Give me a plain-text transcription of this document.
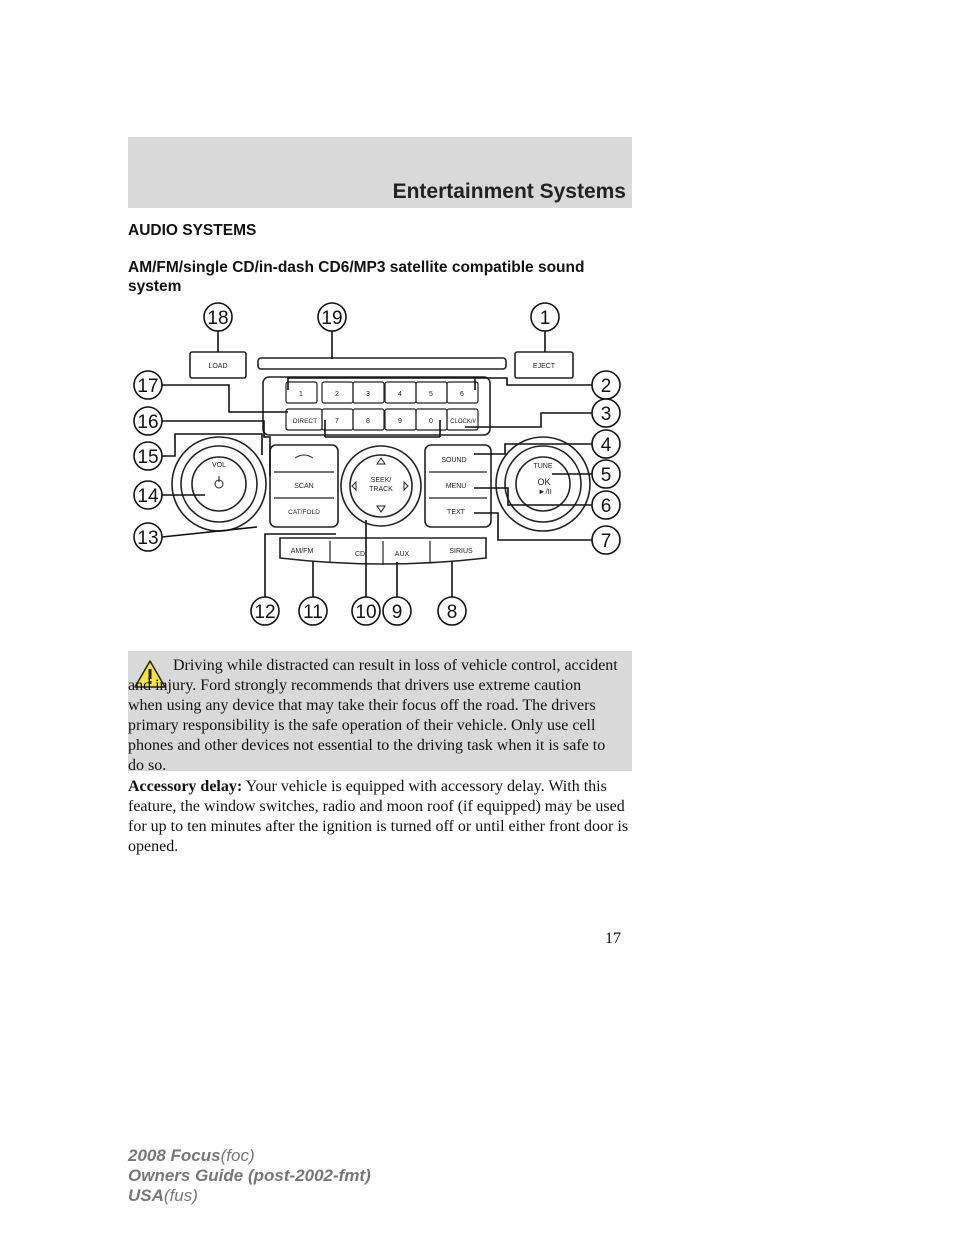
Entertainment Systems
AUDIO SYSTEMS
AM/FM/single CD/in-dash CD6/MP3 satellite compatible sound system
LOAD	EJECT
1	2	3	4	5	6
DIRECT	7	8	9	0	CLOCK/#
SCAN
CAT/FOLD
SEEK/
TRACK
SOUND
MENU
TEXT
VOL	TUNE
OK
►/II
AM/FM	CD	AUX	SIRIUS
18	19	1
17	2
16	3
15
4
5
14	6
13	7
12 11 10 9 8
Driving while distracted can result in loss of vehicle control, accident and injury. Ford strongly recommends that drivers use extreme caution when using any device that may take their focus off the road. The drivers primary responsibility is the safe operation of their vehicle. Only use cell phones and other devices not essential to the driving task when it is safe to do so.
Accessory delay: Your vehicle is equipped with accessory delay. With this feature, the window switches, radio and moon roof (if equipped) may be used for up to ten minutes after the ignition is turned off or until either front door is opened.
17
2008 Focus(foc)
Owners Guide (post-2002-fmt)
USA(fus)
